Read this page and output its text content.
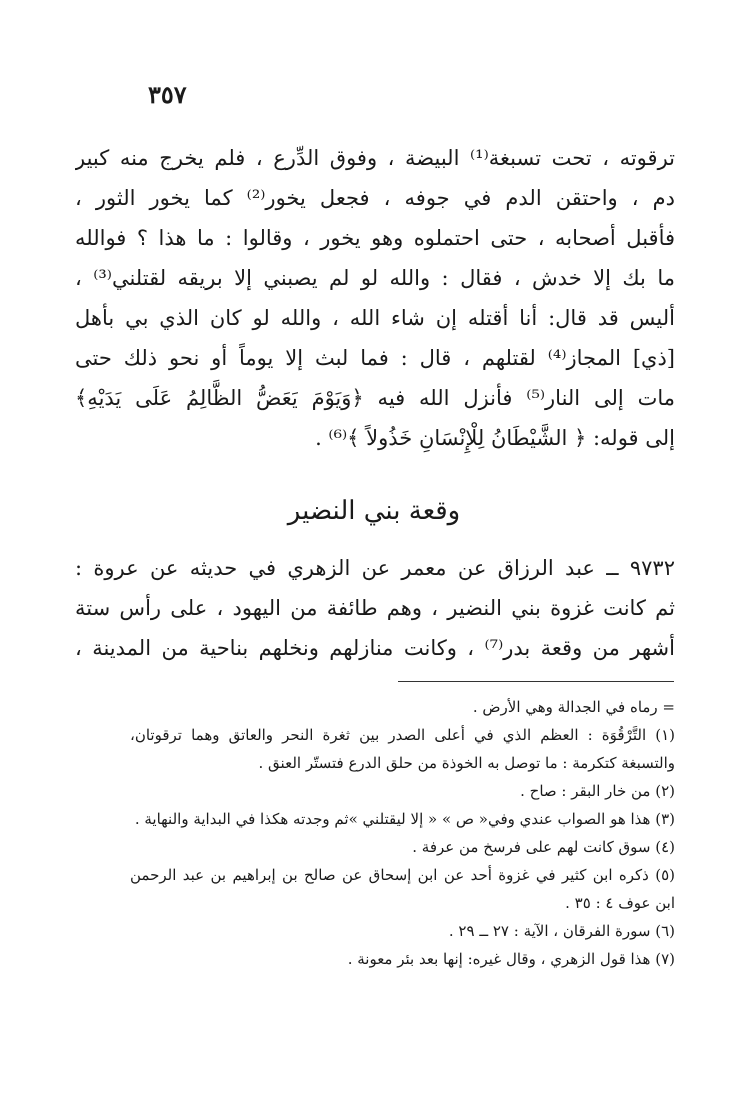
٣٥٧
ترقوته ، تحت تسبغة⁽¹⁾ البيضة ، وفوق الدِّرع ، فلم يخرج منه كبير
دم ، واحتقن الدم في جوفه ، فجعل يخور⁽²⁾ كما يخور الثور ،
فأقبل أصحابه ، حتى احتملوه وهو يخور ، وقالوا : ما هذا ؟ فوالله
ما بك إلا خدش ، فقال : والله لو لم يصبني إلا بريقه لقتلني⁽³⁾ ،
أليس قد قال: أنا أقتله إن شاء الله ، والله لو كان الذي بي بأهل
[ذي] المجاز⁽⁴⁾ لقتلهم ، قال : فما لبث إلا يوماً أو نحو ذلك حتى
مات إلى النار⁽⁵⁾ فأنزل الله فيه ﴿وَيَوْمَ يَعَضُّ الظَّالِمُ عَلَى يَدَيْهِ﴾
إلى قوله: ﴿ الشَّيْطَانُ لِلْإِنْسَانِ خَذُولاً ﴾⁽⁶⁾ .
وقعة بني النضير
٩٧٣٢ ــ عبد الرزاق عن معمر عن الزهري في حديثه عن عروة :
ثم كانت غزوة بني النضير ، وهم طائفة من اليهود ، على رأس ستة
أشهر من وقعة بدر⁽⁷⁾ ، وكانت منازلهم ونخلهم بناحية من المدينة ،
= رماه في الجدالة وهي الأرض .
(١) التَّرْقُوَة : العظم الذي في أعلى الصدر بين ثغرة النحر والعاتق وهما ترقوتان،
والتسبغة كتكرمة : ما توصل به الخوذة من حلق الدرع فتستّر العنق .
(٢) من خار البقر : صاح .
(٣) هذا هو الصواب عندي وفي« ص » « إلا ليقتلني »ثم وجدته هكذا في البداية والنهاية .
(٤) سوق كانت لهم على فرسخ من عرفة .
(٥) ذكره ابن كثير في غزوة أحد عن ابن إسحاق عن صالح بن إبراهيم بن عبد الرحمن
ابن عوف ٤ : ٣٥ .
(٦) سورة الفرقان ، الآية : ٢٧ ــ ٢٩ .
(٧) هذا قول الزهري ، وقال غيره: إنها بعد بئر معونة .
